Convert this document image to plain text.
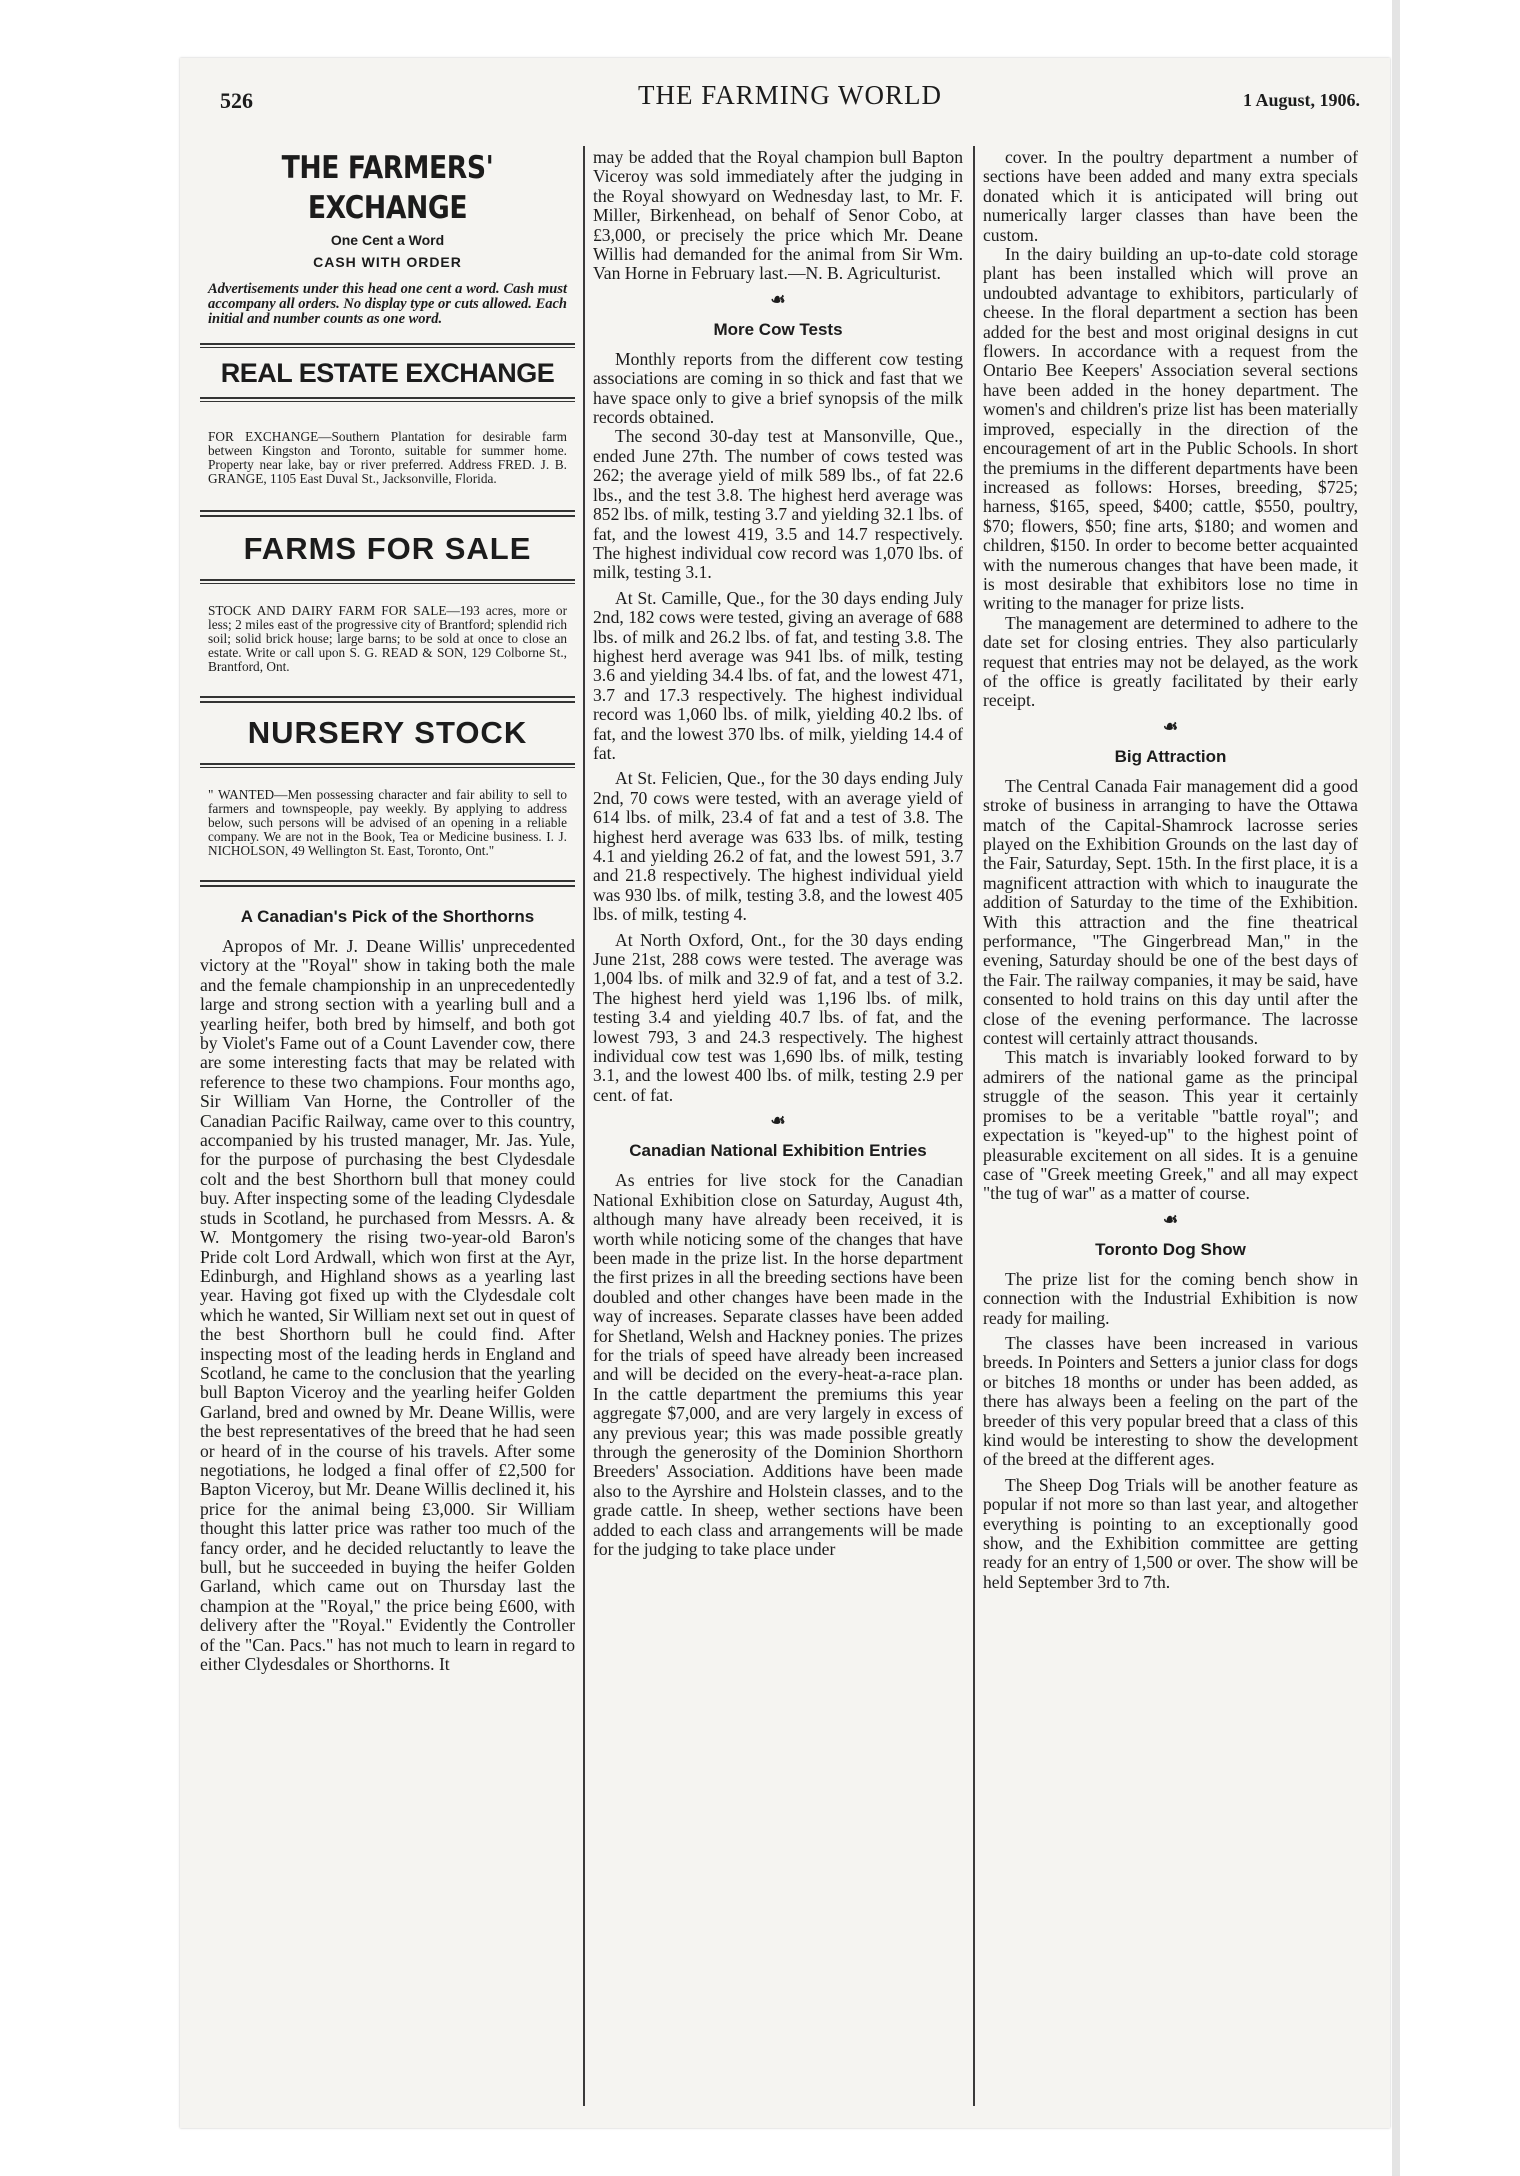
526	THE FARMING WORLD	1 August, 1906.
THE FARMERS' EXCHANGE
One Cent a Word
CASH WITH ORDER
Advertisements under this head one cent a word. Cash must accompany all orders. No display type or cuts allowed. Each initial and number counts as one word.
REAL ESTATE EXCHANGE
FOR EXCHANGE—Southern Plantation for desirable farm between Kingston and Toronto, suitable for summer home. Property near lake, bay or river preferred. Address FRED. J. B. GRANGE, 1105 East Duval St., Jacksonville, Florida.
FARMS FOR SALE
STOCK AND DAIRY FARM FOR SALE—193 acres, more or less; 2 miles east of the progressive city of Brantford; splendid rich soil; solid brick house; large barns; to be sold at once to close an estate. Write or call upon S. G. READ & SON, 129 Colborne St., Brantford, Ont.
NURSERY STOCK
" WANTED—Men possessing character and fair ability to sell to farmers and townspeople, pay weekly. By applying to address below, such persons will be advised of an opening in a reliable company. We are not in the Book, Tea or Medicine business. I. J. NICHOLSON, 49 Wellington St. East, Toronto, Ont."
A Canadian's Pick of the Shorthorns

Apropos of Mr. J. Deane Willis' unprecedented victory at the "Royal" show in taking both the male and the female championship in an unprecedentedly large and strong section with a yearling bull and a yearling heifer, both bred by himself, and both got by Violet's Fame out of a Count Lavender cow, there are some interesting facts that may be related with reference to these two champions. Four months ago, Sir William Van Horne, the Controller of the Canadian Pacific Railway, came over to this country, accompanied by his trusted manager, Mr. Jas. Yule, for the purpose of purchasing the best Clydesdale colt and the best Shorthorn bull that money could buy. After inspecting some of the leading Clydesdale studs in Scotland, he purchased from Messrs. A. & W. Montgomery the rising two-year-old Baron's Pride colt Lord Ardwall, which won first at the Ayr, Edinburgh, and Highland shows as a yearling last year. Having got fixed up with the Clydesdale colt which he wanted, Sir William next set out in quest of the best Shorthorn bull he could find. After inspecting most of the leading herds in England and Scotland, he came to the conclusion that the yearling bull Bapton Viceroy and the yearling heifer Golden Garland, bred and owned by Mr. Deane Willis, were the best representatives of the breed that he had seen or heard of in the course of his travels. After some negotiations, he lodged a final offer of £2,500 for Bapton Viceroy, but Mr. Deane Willis declined it, his price for the animal being £3,000. Sir William thought this latter price was rather too much of the fancy order, and he decided reluctantly to leave the bull, but he succeeded in buying the heifer Golden Garland, which came out on Thursday last the champion at the "Royal," the price being £600, with delivery after the "Royal." Evidently the Controller of the "Can. Pacs." has not much to learn in regard to either Clydesdales or Shorthorns. It

may be added that the Royal champion bull Bapton Viceroy was sold immediately after the judging in the Royal showyard on Wednesday last, to Mr. F. Miller, Birkenhead, on behalf of Senor Cobo, at £3,000, or precisely the price which Mr. Deane Willis had demanded for the animal from Sir Wm. Van Horne in February last.—N. B. Agriculturist.

☙
More Cow Tests

Monthly reports from the different cow testing associations are coming in so thick and fast that we have space only to give a brief synopsis of the milk records obtained.

The second 30-day test at Mansonville, Que., ended June 27th. The number of cows tested was 262; the average yield of milk 589 lbs., of fat 22.6 lbs., and the test 3.8. The highest herd average was 852 lbs. of milk, testing 3.7 and yielding 32.1 lbs. of fat, and the lowest 419, 3.5 and 14.7 respectively. The highest individual cow record was 1,070 lbs. of milk, testing 3.1.

At St. Camille, Que., for the 30 days ending July 2nd, 182 cows were tested, giving an average of 688 lbs. of milk and 26.2 lbs. of fat, and testing 3.8. The highest herd average was 941 lbs. of milk, testing 3.6 and yielding 34.4 lbs. of fat, and the lowest 471, 3.7 and 17.3 respectively. The highest individual record was 1,060 lbs. of milk, yielding 40.2 lbs. of fat, and the lowest 370 lbs. of milk, yielding 14.4 of fat.

At St. Felicien, Que., for the 30 days ending July 2nd, 70 cows were tested, with an average yield of 614 lbs. of milk, 23.4 of fat and a test of 3.8. The highest herd average was 633 lbs. of milk, testing 4.1 and yielding 26.2 of fat, and the lowest 591, 3.7 and 21.8 respectively. The highest individual yield was 930 lbs. of milk, testing 3.8, and the lowest 405 lbs. of milk, testing 4.

At North Oxford, Ont., for the 30 days ending June 21st, 288 cows were tested. The average was 1,004 lbs. of milk and 32.9 of fat, and a test of 3.2. The highest herd yield was 1,196 lbs. of milk, testing 3.4 and yielding 40.7 lbs. of fat, and the lowest 793, 3 and 24.3 respectively. The highest individual cow test was 1,690 lbs. of milk, testing 3.1, and the lowest 400 lbs. of milk, testing 2.9 per cent. of fat.

☙
Canadian National Exhibition Entries

As entries for live stock for the Canadian National Exhibition close on Saturday, August 4th, although many have already been received, it is worth while noticing some of the changes that have been made in the prize list. In the horse department the first prizes in all the breeding sections have been doubled and other changes have been made in the way of increases. Separate classes have been added for Shetland, Welsh and Hackney ponies. The prizes for the trials of speed have already been increased and will be decided on the every-heat-a-race plan. In the cattle department the premiums this year aggregate $7,000, and are very largely in excess of any previous year; this was made possible greatly through the generosity of the Dominion Shorthorn Breeders' Association. Additions have been made also to the Ayrshire and Holstein classes, and to the grade cattle. In sheep, wether sections have been added to each class and arrangements will be made for the judging to take place under

cover. In the poultry department a number of sections have been added and many extra specials donated which it is anticipated will bring out numerically larger classes than have been the custom.

In the dairy building an up-to-date cold storage plant has been installed which will prove an undoubted advantage to exhibitors, particularly of cheese. In the floral department a section has been added for the best and most original designs in cut flowers. In accordance with a request from the Ontario Bee Keepers' Association several sections have been added in the honey department. The women's and children's prize list has been materially improved, especially in the direction of the encouragement of art in the Public Schools. In short the premiums in the different departments have been increased as follows: Horses, breeding, $725; harness, $165, speed, $400; cattle, $550, poultry, $70; flowers, $50; fine arts, $180; and women and children, $150. In order to become better acquainted with the numerous changes that have been made, it is most desirable that exhibitors lose no time in writing to the manager for prize lists.

The management are determined to adhere to the date set for closing entries. They also particularly request that entries may not be delayed, as the work of the office is greatly facilitated by their early receipt.

☙
Big Attraction

The Central Canada Fair management did a good stroke of business in arranging to have the Ottawa match of the Capital-Shamrock lacrosse series played on the Exhibition Grounds on the last day of the Fair, Saturday, Sept. 15th. In the first place, it is a magnificent attraction with which to inaugurate the addition of Saturday to the time of the Exhibition. With this attraction and the fine theatrical performance, "The Gingerbread Man," in the evening, Saturday should be one of the best days of the Fair. The railway companies, it may be said, have consented to hold trains on this day until after the close of the evening performance. The lacrosse contest will certainly attract thousands.

This match is invariably looked forward to by admirers of the national game as the principal struggle of the season. This year it certainly promises to be a veritable "battle royal"; and expectation is "keyed-up" to the highest point of pleasurable excitement on all sides. It is a genuine case of "Greek meeting Greek," and all may expect "the tug of war" as a matter of course.

☙
Toronto Dog Show

The prize list for the coming bench show in connection with the Industrial Exhibition is now ready for mailing.

The classes have been increased in various breeds. In Pointers and Setters a junior class for dogs or bitches 18 months or under has been added, as there has always been a feeling on the part of the breeder of this very popular breed that a class of this kind would be interesting to show the development of the breed at the different ages.

The Sheep Dog Trials will be another feature as popular if not more so than last year, and altogether everything is pointing to an exceptionally good show, and the Exhibition committee are getting ready for an entry of 1,500 or over. The show will be held September 3rd to 7th.
